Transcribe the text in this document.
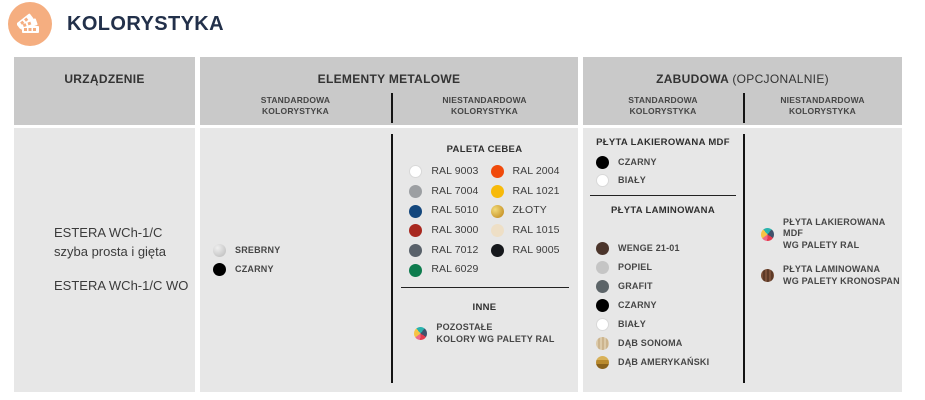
KOLORYSTYKA
URZĄDZENIE
ESTERA WCh-1/C
szyba prosta i gięta
ESTERA WCh-1/C WO
ELEMENTY METALOWE
STANDARDOWA KOLORYSTYKA
NIESTANDARDOWA KOLORYSTYKA
SREBRNY
CZARNY
PALETA CEBEA
RAL 9003
RAL 7004
RAL 5010
RAL 3000
RAL 7012
RAL 6029
RAL 2004
RAL 1021
ZŁOTY
RAL 1015
RAL 9005
INNE
POZOSTAŁE
KOLORY WG PALETY RAL
ZABUDOWA (OPCJONALNIE)
STANDARDOWA KOLORYSTYKA
NIESTANDARDOWA KOLORYSTYKA
PŁYTA LAKIEROWANA MDF
CZARNY
BIAŁY
PŁYTA LAMINOWANA
WENGE 21-01
POPIEL
GRAFIT
CZARNY
BIAŁY
DĄB SONOMA
DĄB AMERYKAŃSKI
PŁYTA LAKIEROWANA MDF
WG PALETY RAL
PŁYTA LAMINOWANA
WG PALETY KRONOSPAN
